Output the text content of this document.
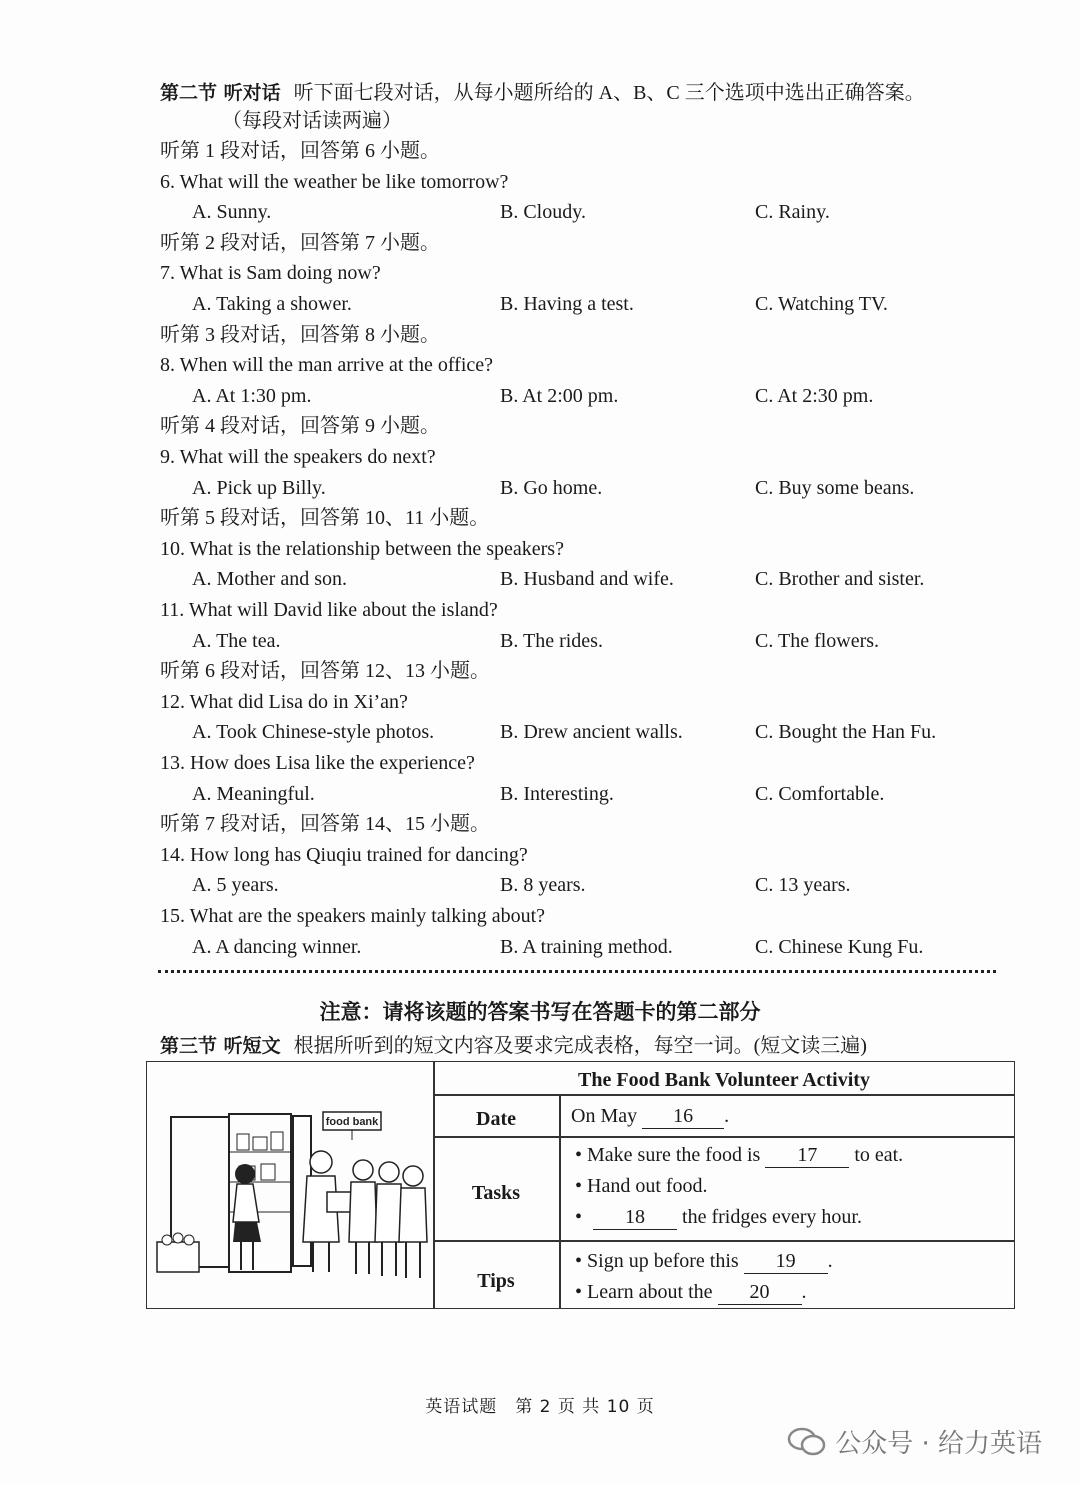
第二节 听对话 听下面七段对话，从每小题所给的 A、B、C 三个选项中选出正确答案。
（每段对话读两遍）
听第 1 段对话，回答第 6 小题。
6. What will the weather be like tomorrow?
A. Sunny.	B. Cloudy.	C. Rainy.
听第 2 段对话，回答第 7 小题。
7. What is Sam doing now?
A. Taking a shower.	B. Having a test.	C. Watching TV.
听第 3 段对话，回答第 8 小题。
8. When will the man arrive at the office?
A. At 1:30 pm.	B. At 2:00 pm.	C. At 2:30 pm.
听第 4 段对话，回答第 9 小题。
9. What will the speakers do next?
A. Pick up Billy.	B. Go home.	C. Buy some beans.
听第 5 段对话，回答第 10、11 小题。
10. What is the relationship between the speakers?
A. Mother and son.	B. Husband and wife.	C. Brother and sister.
11. What will David like about the island?
A. The tea.	B. The rides.	C. The flowers.
听第 6 段对话，回答第 12、13 小题。
12. What did Lisa do in Xi’an?
A. Took Chinese-style photos.	B. Drew ancient walls.	C. Bought the Han Fu.
13. How does Lisa like the experience?
A. Meaningful.	B. Interesting.	C. Comfortable.
听第 7 段对话，回答第 14、15 小题。
14. How long has Qiuqiu trained for dancing?
A. 5 years.	B. 8 years.	C. 13 years.
15. What are the speakers mainly talking about?
A. A dancing winner.	B. A training method.	C. Chinese Kung Fu.
注意：请将该题的答案书写在答题卡的第二部分
第三节 听短文 根据所听到的短文内容及要求完成表格，每空一词。(短文读三遍)
food bank
The Food Bank Volunteer Activity
Date	On May 16 .
Tasks
• Make sure the food is 17 to eat.
• Hand out food.
• 18 the fridges every hour.
Tips
• Sign up before this 19 .
• Learn about the 20 .
英语试题　第 2 页 共 10 页
公众号 · 给力英语
